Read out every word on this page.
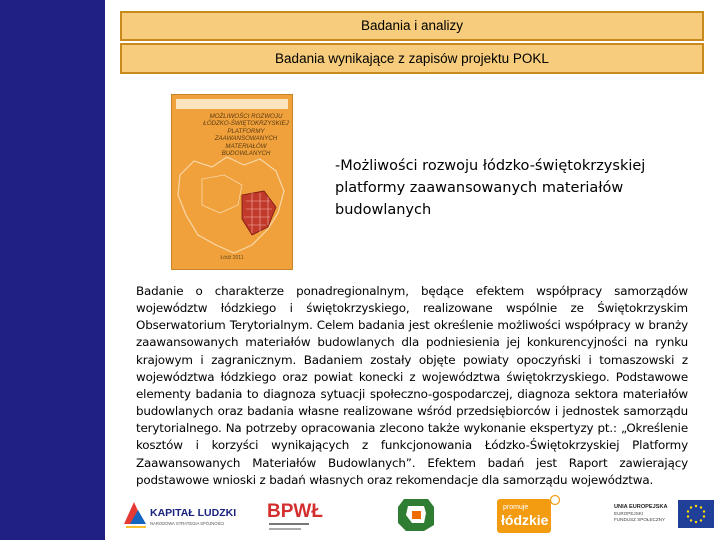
Badania i analizy
Badania wynikające z zapisów projektu POKL
MOŻLIWOŚCI ROZWOJU ŁÓDZKO-ŚWIĘTOKRZYSKIEJ PLATFORMY ZAAWANSOWANYCH MATERIAŁÓW BUDOWLANYCH
Łódź 2011
-Możliwości rozwoju łódzko-świętokrzyskiej platformy zaawansowanych materiałów budowlanych
Badanie o charakterze ponadregionalnym, będące efektem współpracy samorządów województw łódzkiego i świętokrzyskiego, realizowane wspólnie ze Świętokrzyskim Obserwatorium Terytorialnym. Celem badania jest określenie możliwości współpracy w branży zaawansowanych materiałów budowlanych dla podniesienia jej konkurencyjności na rynku krajowym i zagranicznym. Badaniem zostały objęte powiaty opoczyński i tomaszowski z województwa łódzkiego oraz powiat konecki z województwa świętokrzyskiego. Podstawowe elementy badania to diagnoza sytuacji społeczno-gospodarczej, diagnoza sektora materiałów budowlanych oraz badania własne realizowane wśród przedsiębiorców i jednostek samorządu terytorialnego. Na potrzeby opracowania zlecono także wykonanie ekspertyzy pt.: „Określenie kosztów i korzyści wynikających z funkcjonowania Łódzko-Świętokrzyskiej Platformy Zaawansowanych Materiałów Budowlanych”. Efektem badań jest Raport zawierający podstawowe wnioski z badań własnych oraz rekomendacje dla samorządu województwa.
KAPITAŁ LUDZKI
NARODOWA STRATEGIA SPÓJNOŚCI
BPWŁ	promuje
łódzkie
UNIA EUROPEJSKA
EUROPEJSKI
FUNDUSZ SPOŁECZNY
